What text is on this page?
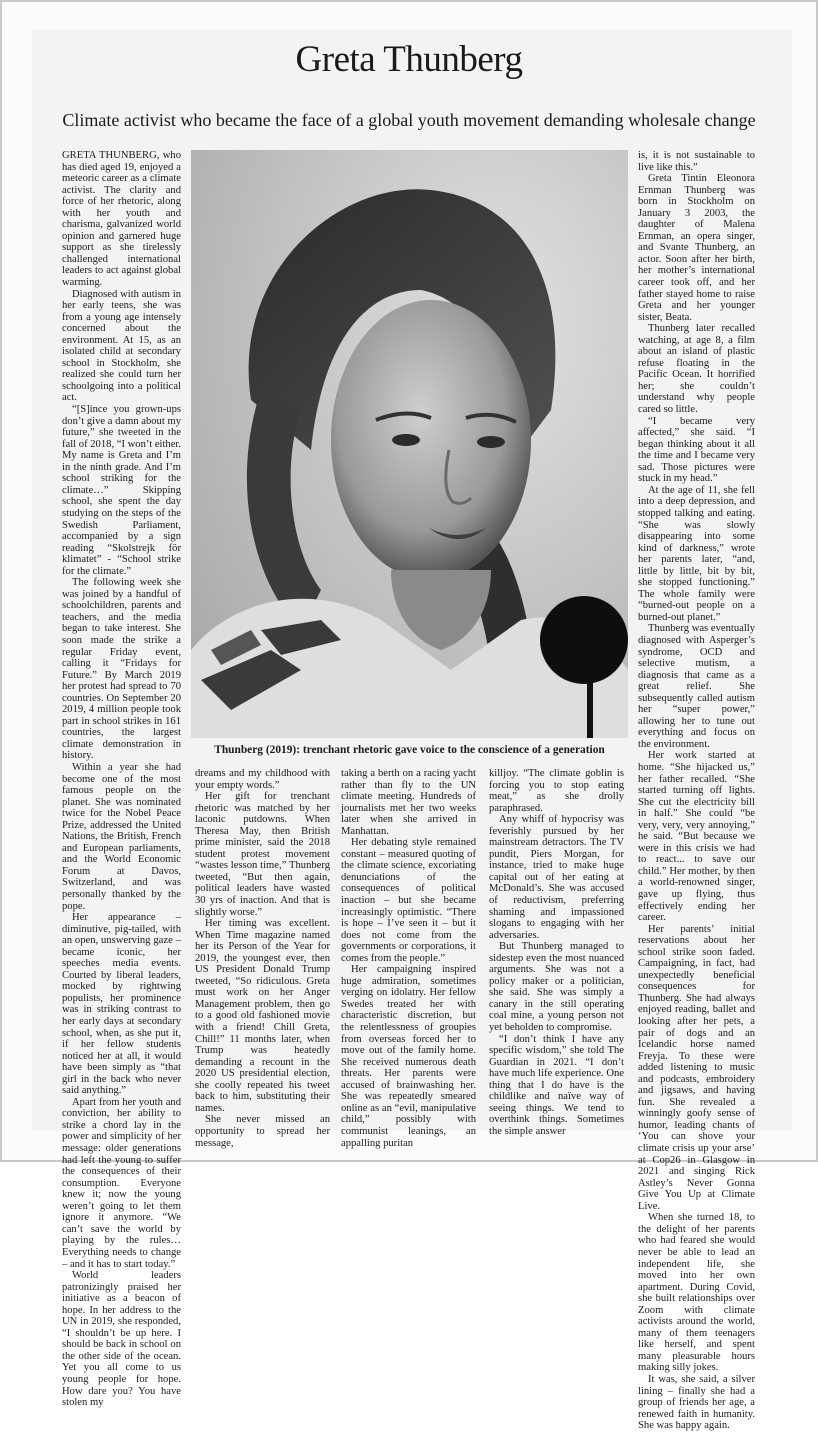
Greta Thunberg
Climate activist who became the face of a global youth movement demanding wholesale change

GRETA THUNBERG, who has died aged 19, enjoyed a meteoric career as a climate activist. The clarity and force of her rhetoric, along with her youth and charisma, galvanized world opinion and garnered huge support as she tirelessly challenged international leaders to act against global warming.

Diagnosed with autism in her early teens, she was from a young age intensely concerned about the environment. At 15, as an isolated child at secondary school in Stockholm, she realized she could turn her schoolgoing into a political act.

“[S]ince you grown-ups don’t give a damn about my future,” she tweeted in the fall of 2018, “I won’t either. My name is Greta and I’m in the ninth grade. And I’m school striking for the climate…” Skipping school, she spent the day studying on the steps of the Swedish Parliament, accompanied by a sign reading “Skolstrejk för klimatet” - “School strike for the climate.”

The following week she was joined by a handful of schoolchildren, parents and teachers, and the media began to take interest. She soon made the strike a regular Friday event, calling it “Fridays for Future.” By March 2019 her protest had spread to 70 countries. On September 20 2019, 4 million people took part in school strikes in 161 countries, the largest climate demonstration in history.

Within a year she had become one of the most famous people on the planet. She was nominated twice for the Nobel Peace Prize, addressed the United Nations, the British, French and European parliaments, and the World Economic Forum at Davos, Switzerland, and was personally thanked by the pope.

Her appearance – diminutive, pig-tailed, with an open, unswerving gaze – became iconic, her speeches media events. Courted by liberal leaders, mocked by rightwing populists, her prominence was in striking contrast to her early days at secondary school, when, as she put it, if her fellow students noticed her at all, it would have been simply as “that girl in the back who never said anything.”

Apart from her youth and conviction, her ability to strike a chord lay in the power and simplicity of her message: older generations had left the young to suffer the consequences of their consumption. Everyone knew it; now the young weren’t going to let them ignore it anymore. “We can’t save the world by playing by the rules… Everything needs to change – and it has to start today.”

World leaders patronizingly praised her initiative as a beacon of hope. In her address to the UN in 2019, she responded, “I shouldn’t be up here. I should be back in school on the other side of the ocean. Yet you all come to us young people for hope. How dare you? You have stolen my

Thunberg (2019): trenchant rhetoric gave voice to the conscience of a generation

dreams and my childhood with your empty words.”

Her gift for trenchant rhetoric was matched by her laconic putdowns. When Theresa May, then British prime minister, said the 2018 student protest movement “wastes lesson time,” Thunberg tweeted, “But then again, political leaders have wasted 30 yrs of inaction. And that is slightly worse.”

Her timing was excellent. When Time magazine named her its Person of the Year for 2019, the youngest ever, then US President Donald Trump tweeted, “So ridiculous. Greta must work on her Anger Management problem, then go to a good old fashioned movie with a friend! Chill Greta, Chill!” 11 months later, when Trump was heatedly demanding a recount in the 2020 US presidential election, she coolly repeated his tweet back to him, substituting their names.

She never missed an opportunity to spread her message,

taking a berth on a racing yacht rather than fly to the UN climate meeting. Hundreds of journalists met her two weeks later when she arrived in Manhattan.

Her debating style remained constant – measured quoting of the climate science, excoriating denunciations of the consequences of political inaction – but she became increasingly optimistic. “There is hope – I’ve seen it – but it does not come from the governments or corporations, it comes from the people.”

Her campaigning inspired huge admiration, sometimes verging on idolatry. Her fellow Swedes treated her with characteristic discretion, but the relentlessness of groupies from overseas forced her to move out of the family home. She received numerous death threats. Her parents were accused of brainwashing her. She was repeatedly smeared online as an “evil, manipulative child,” possibly with communist leanings, an appalling puritan

killjoy. “The climate goblin is forcing you to stop eating meat,” as she drolly paraphrased.

Any whiff of hypocrisy was feverishly pursued by her mainstream detractors. The TV pundit, Piers Morgan, for instance, tried to make huge capital out of her eating at McDonald’s. She was accused of reductivism, preferring shaming and impassioned slogans to engaging with her adversaries.

But Thunberg managed to sidestep even the most nuanced arguments. She was not a policy maker or a politician, she said. She was simply a canary in the still operating coal mine, a young person not yet beholden to compromise.

“I don’t think I have any specific wisdom,” she told The Guardian in 2021. “I don’t have much life experience. One thing that I do have is the childlike and naïve way of seeing things. We tend to overthink things. Sometimes the simple answer

is, it is not sustainable to live like this.”

Greta Tintin Eleonora Ernman Thunberg was born in Stockholm on January 3 2003, the daughter of Malena Ernman, an opera singer, and Svante Thunberg, an actor. Soon after her birth, her mother’s international career took off, and her father stayed home to raise Greta and her younger sister, Beata.

Thunberg later recalled watching, at age 8, a film about an island of plastic refuse floating in the Pacific Ocean. It horrified her; she couldn’t understand why people cared so little.

“I became very affected,” she said. “I began thinking about it all the time and I became very sad. Those pictures were stuck in my head.”

At the age of 11, she fell into a deep depression, and stopped talking and eating. “She was slowly disappearing into some kind of darkness,” wrote her parents later, “and, little by little, bit by bit, she stopped functioning.” The whole family were “burned-out people on a burned-out planet.”

Thunberg was eventually diagnosed with Asperger’s syndrome, OCD and selective mutism, a diagnosis that came as a great relief. She subsequently called autism her “super power,” allowing her to tune out everything and focus on the environment.

Her work started at home. “She hijacked us,” her father recalled. “She started turning off lights. She cut the electricity bill in half.” She could “be very, very, very annoying,” he said. “But because we were in this crisis we had to react... to save our child.” Her mother, by then a world-renowned singer, gave up flying, thus effectively ending her career.

Her parents’ initial reservations about her school strike soon faded. Campaigning, in fact, had unexpectedly beneficial consequences for Thunberg. She had always enjoyed reading, ballet and looking after her pets, a pair of dogs and an Icelandic horse named Freyja. To these were added listening to music and podcasts, embroidery and jigsaws, and having fun. She revealed a winningly goofy sense of humor, leading chants of ‘You can shove your climate crisis up your arse’ at Cop26 in Glasgow in 2021 and singing Rick Astley’s Never Gonna Give You Up at Climate Live.

When she turned 18, to the delight of her parents who had feared she would never be able to lead an independent life, she moved into her own apartment. During Covid, she built relationships over Zoom with climate activists around the world, many of them teenagers like herself, and spent many pleasurable hours making silly jokes.

It was, she said, a silver lining – finally she had a group of friends her age, a renewed faith in humanity. She was happy again.
